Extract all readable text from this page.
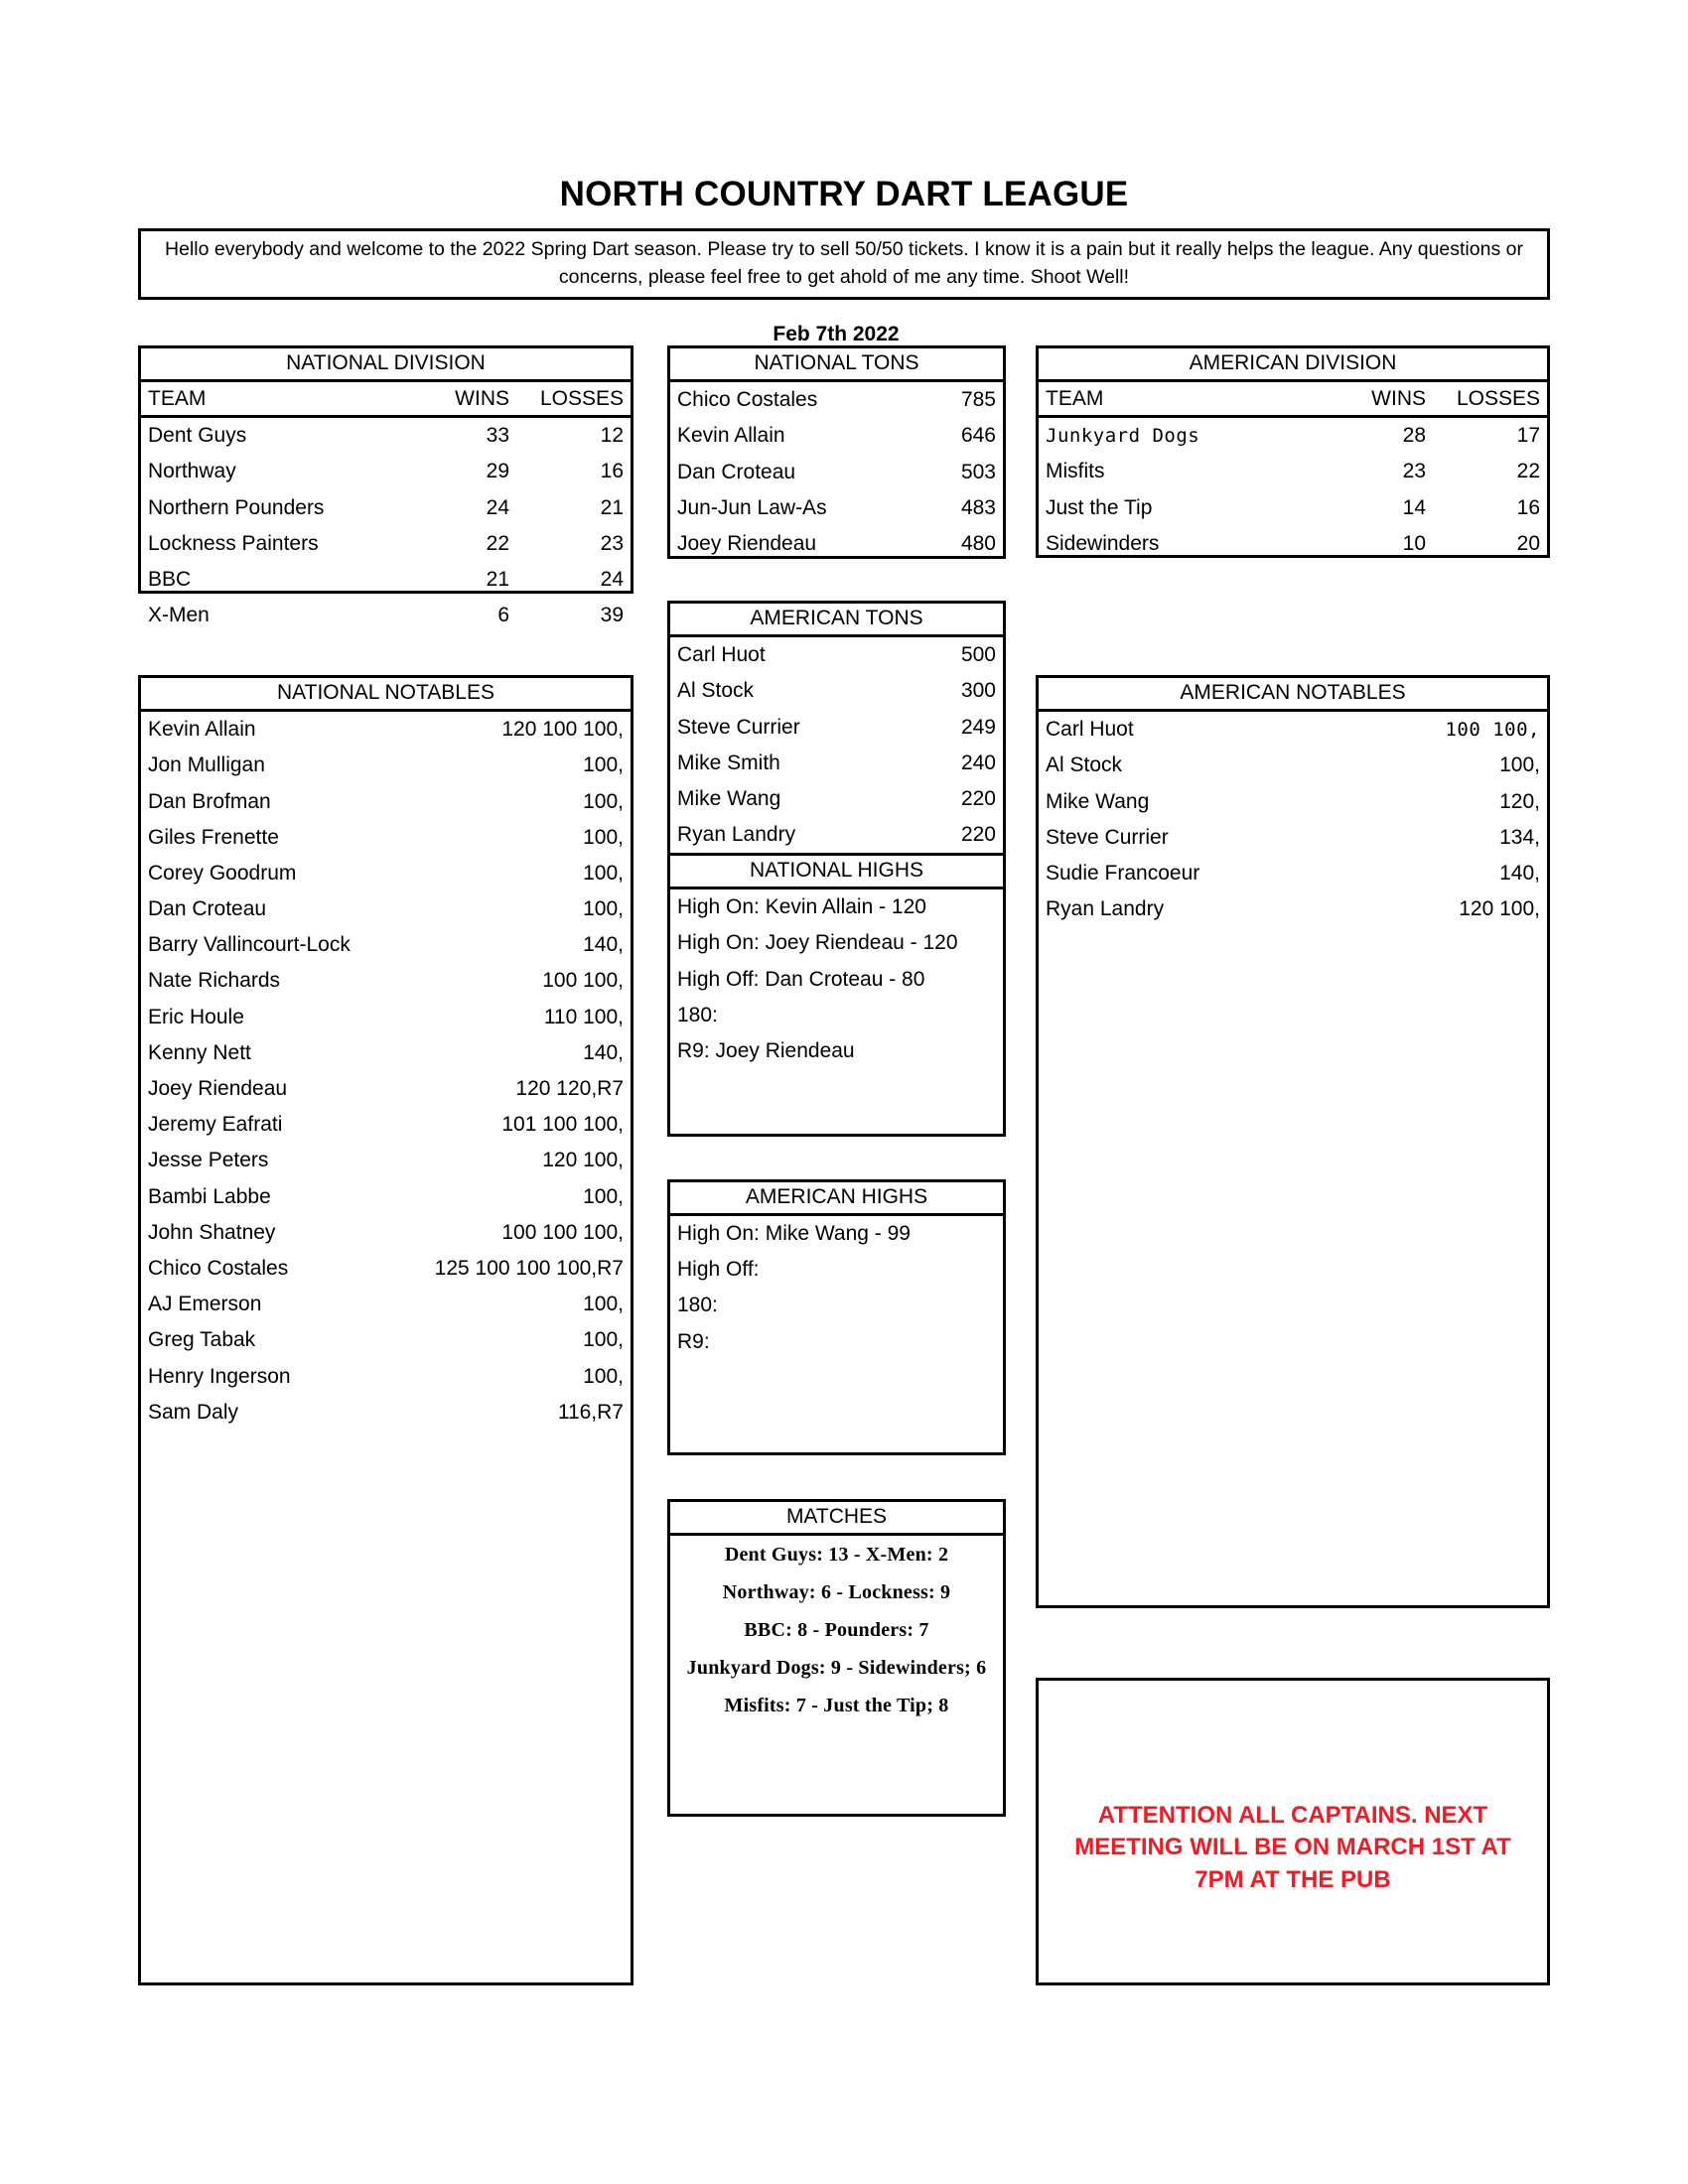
NORTH COUNTRY DART LEAGUE
Hello everybody and welcome to the 2022 Spring Dart season. Please try to sell 50/50 tickets. I know it is a pain but it really helps the league. Any questions or concerns, please feel free to get ahold of me any time. Shoot Well!
Feb 7th 2022
NATIONAL DIVISION
TEAM	WINS	LOSSES
Dent Guys	33	12
Northway	29	16
Northern Pounders	24	21
Lockness Painters	22	23
BBC	21	24
X-Men	6	39
NATIONAL TONS
Chico Costales	785
Kevin Allain	646
Dan Croteau	503
Jun-Jun Law-As	483
Joey Riendeau	480
AMERICAN DIVISION
TEAM	WINS	LOSSES
Junkyard Dogs	28	17
Misfits	23	22
Just the Tip	14	16
Sidewinders	10	20
AMERICAN TONS
Carl Huot	500
Al Stock	300
Steve Currier	249
Mike Smith	240
Mike Wang	220
Ryan Landry	220
NATIONAL HIGHS
High On: Kevin Allain - 120
High On: Joey Riendeau - 120
High Off: Dan Croteau - 80
180:
R9: Joey Riendeau
NATIONAL NOTABLES
Kevin Allain	120 100 100,
Jon Mulligan	100,
Dan Brofman	100,
Giles Frenette	100,
Corey Goodrum	100,
Dan Croteau	100,
Barry Vallincourt-Lock	140,
Nate Richards	100 100,
Eric Houle	110 100,
Kenny Nett	140,
Joey Riendeau	120 120,R7
Jeremy Eafrati	101 100 100,
Jesse Peters	120 100,
Bambi Labbe	100,
John Shatney	100 100 100,
Chico Costales	125 100 100 100,R7
AJ Emerson	100,
Greg Tabak	100,
Henry Ingerson	100,
Sam Daly	116,R7
AMERICAN NOTABLES
Carl Huot	100 100,
Al Stock	100,
Mike Wang	120,
Steve Currier	134,
Sudie Francoeur	140,
Ryan Landry	120 100,
AMERICAN HIGHS
High On: Mike Wang - 99
High Off:
180:
R9:
MATCHES
Dent Guys: 13 - X-Men: 2
Northway: 6 - Lockness: 9
BBC: 8 - Pounders: 7
Junkyard Dogs: 9 - Sidewinders; 6
Misfits: 7 - Just the Tip; 8
ATTENTION ALL CAPTAINS. NEXT MEETING WILL BE ON MARCH 1ST AT 7PM AT THE PUB
